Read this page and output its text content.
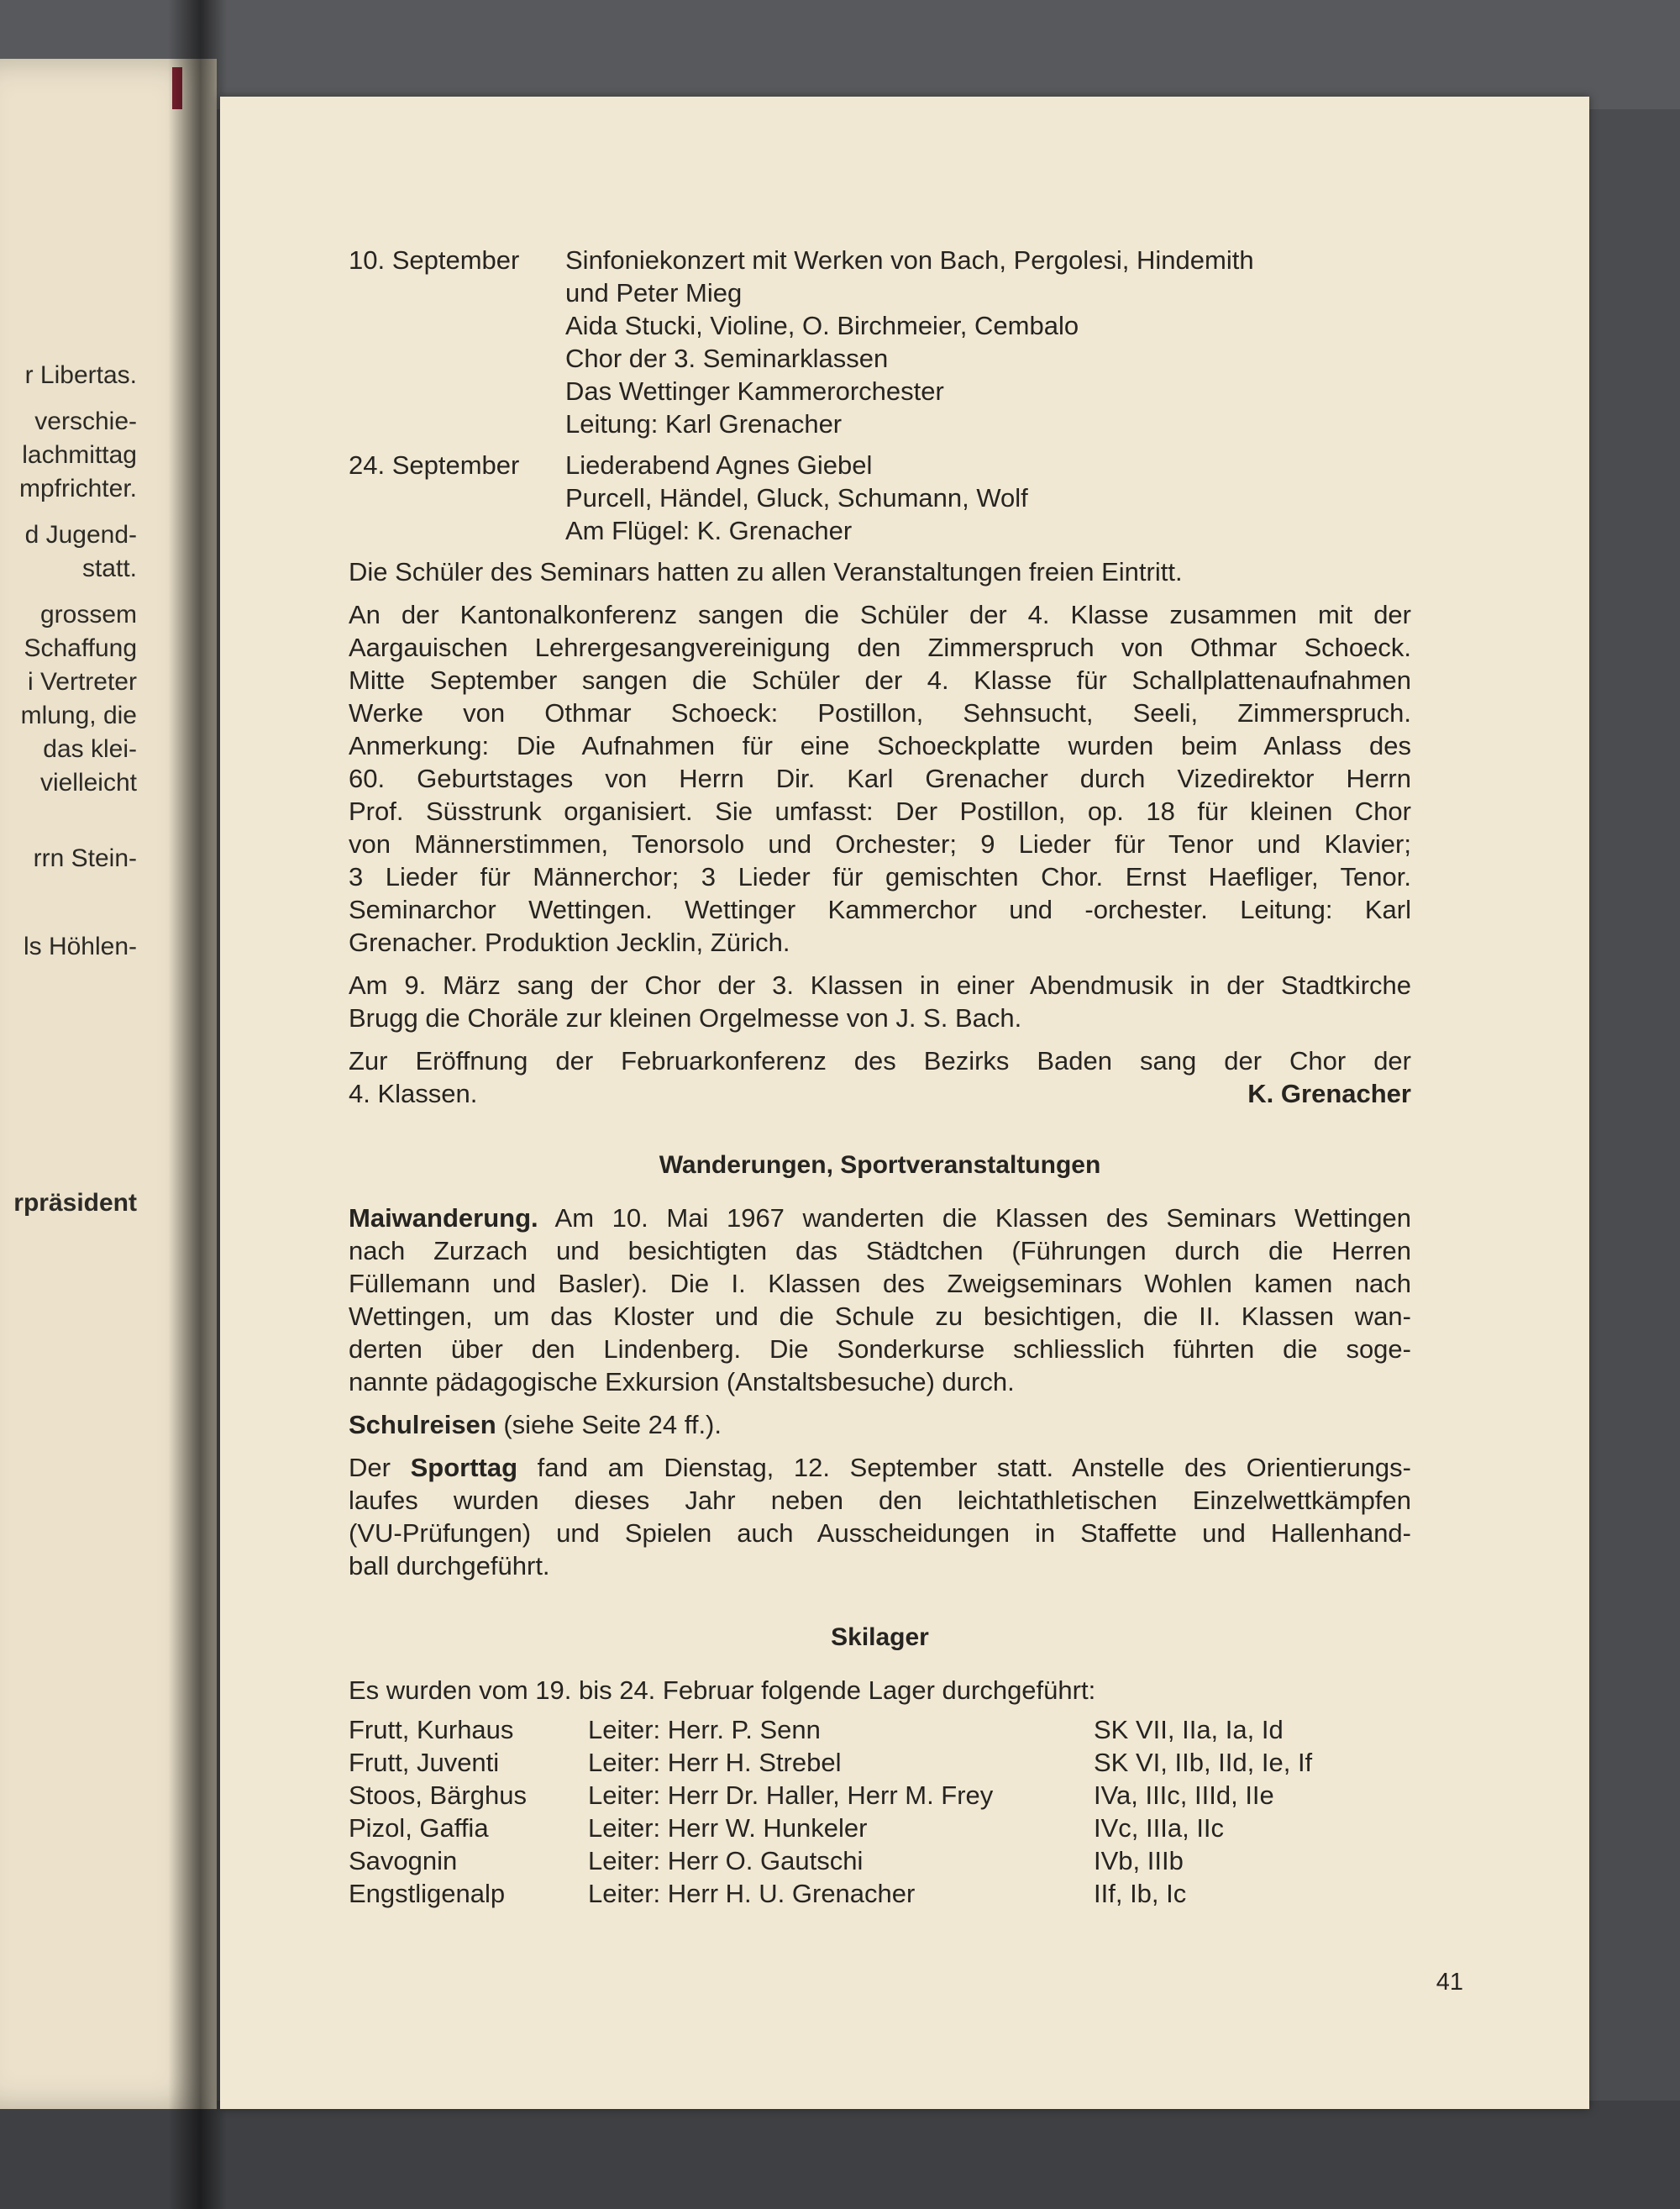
r Libertas.
verschie-
lachmittag
mpfrichter.
d Jugend-
statt.
grossem
Schaffung
i Vertreter
mlung, die
das klei-
vielleicht
rrn Stein-
ls Höhlen-
rpräsident
10. September	Sinfoniekonzert mit Werken von Bach, Pergolesi, Hindemith
und Peter Mieg
Aida Stucki, Violine, O. Birchmeier, Cembalo
Chor der 3. Seminarklassen
Das Wettinger Kammerorchester
Leitung: Karl Grenacher
24. September	Liederabend Agnes Giebel
Purcell, Händel, Gluck, Schumann, Wolf
Am Flügel: K. Grenacher

Die Schüler des Seminars hatten zu allen Veranstaltungen freien Eintritt.

An der Kantonalkonferenz sangen die Schüler der 4. Klasse zusammen mit der
Aargauischen Lehrergesangvereinigung den Zimmerspruch von Othmar Schoeck.
Mitte September sangen die Schüler der 4. Klasse für Schallplattenaufnahmen
Werke von Othmar Schoeck: Postillon, Sehnsucht, Seeli, Zimmerspruch.
Anmerkung: Die Aufnahmen für eine Schoeckplatte wurden beim Anlass des
60. Geburtstages von Herrn Dir. Karl Grenacher durch Vizedirektor Herrn
Prof. Süsstrunk organisiert. Sie umfasst: Der Postillon, op. 18 für kleinen Chor
von Männerstimmen, Tenorsolo und Orchester; 9 Lieder für Tenor und Klavier;
3 Lieder für Männerchor; 3 Lieder für gemischten Chor. Ernst Haefliger, Tenor.
Seminarchor Wettingen. Wettinger Kammerchor und -orchester. Leitung: Karl
Grenacher. Produktion Jecklin, Zürich.
Am 9. März sang der Chor der 3. Klassen in einer Abendmusik in der Stadtkirche
Brugg die Choräle zur kleinen Orgelmesse von J. S. Bach.
Zur Eröffnung der Februarkonferenz des Bezirks Baden sang der Chor der
4. Klassen.	K. Grenacher
Wanderungen, Sportveranstaltungen
Maiwanderung. Am 10. Mai 1967 wanderten die Klassen des Seminars Wettingen
nach Zurzach und besichtigten das Städtchen (Führungen durch die Herren
Füllemann und Basler). Die I. Klassen des Zweigseminars Wohlen kamen nach
Wettingen, um das Kloster und die Schule zu besichtigen, die II. Klassen wan-
derten über den Lindenberg. Die Sonderkurse schliesslich führten die soge-
nannte pädagogische Exkursion (Anstaltsbesuche) durch.
Schulreisen (siehe Seite 24 ff.).
Der Sporttag fand am Dienstag, 12. September statt. Anstelle des Orientierungs-
laufes wurden dieses Jahr neben den leichtathletischen Einzelwettkämpfen
(VU-Prüfungen) und Spielen auch Ausscheidungen in Staffette und Hallenhand-
ball durchgeführt.
Skilager
Es wurden vom 19. bis 24. Februar folgende Lager durchgeführt:
Frutt, Kurhaus	Leiter: Herr. P. Senn	SK VII, IIa, Ia, Id
Frutt, Juventi	Leiter: Herr H. Strebel	SK VI, IIb, IId, Ie, If
Stoos, Bärghus	Leiter: Herr Dr. Haller, Herr M. Frey	IVa, IIIc, IIId, IIe
Pizol, Gaffia	Leiter: Herr W. Hunkeler	IVc, IIIa, IIc
Savognin	Leiter: Herr O. Gautschi	IVb, IIIb
Engstligenalp	Leiter: Herr H. U. Grenacher	IIf, Ib, Ic
41
